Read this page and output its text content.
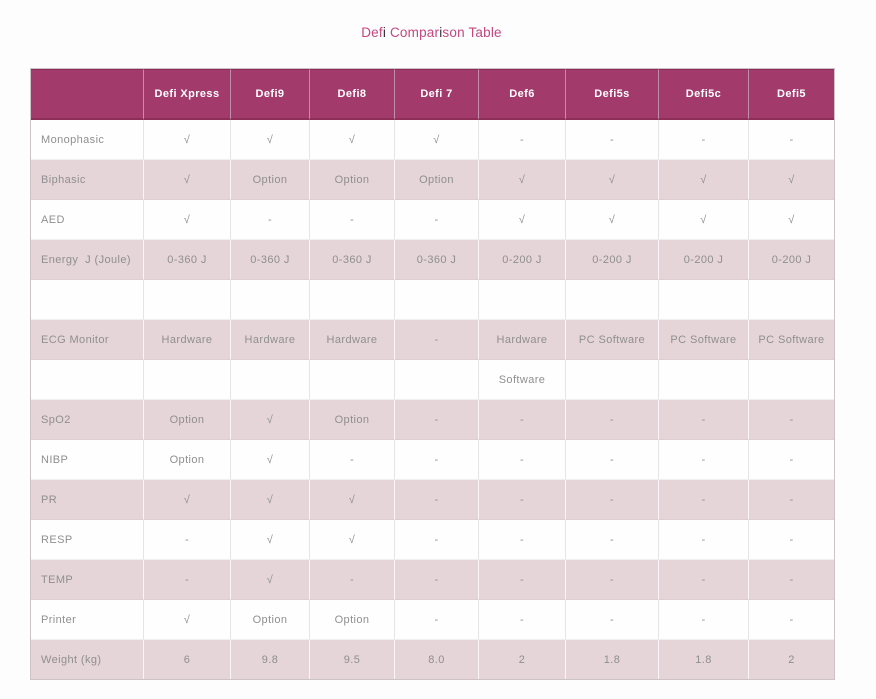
Defi Comparison Table
	Defi Xpress	Defi9	Defi8	Defi 7	Def6	Defi5s	Defi5c	Defi5
Monophasic	√	√	√	√	-	-	-	-
Biphasic	√	Option	Option	Option	√	√	√	√
AED	√	-	-	-	√	√	√	√
Energy  J (Joule)	0-360 J	0-360 J	0-360 J	0-360 J	0-200 J	0-200 J	0-200 J	0-200 J

ECG Monitor	Hardware	Hardware	Hardware	-	Hardware	PC Software	PC Software	PC Software
					Software			
SpO2	Option	√	Option	-	-	-	-	-
NIBP	Option	√	-	-	-	-	-	-
PR	√	√	√	-	-	-	-	-
RESP	-	√	√	-	-	-	-	-
TEMP	-	√	-	-	-	-	-	-
Printer	√	Option	Option	-	-	-	-	-
Weight (kg)	6	9.8	9.5	8.0	2	1.8	1.8	2
